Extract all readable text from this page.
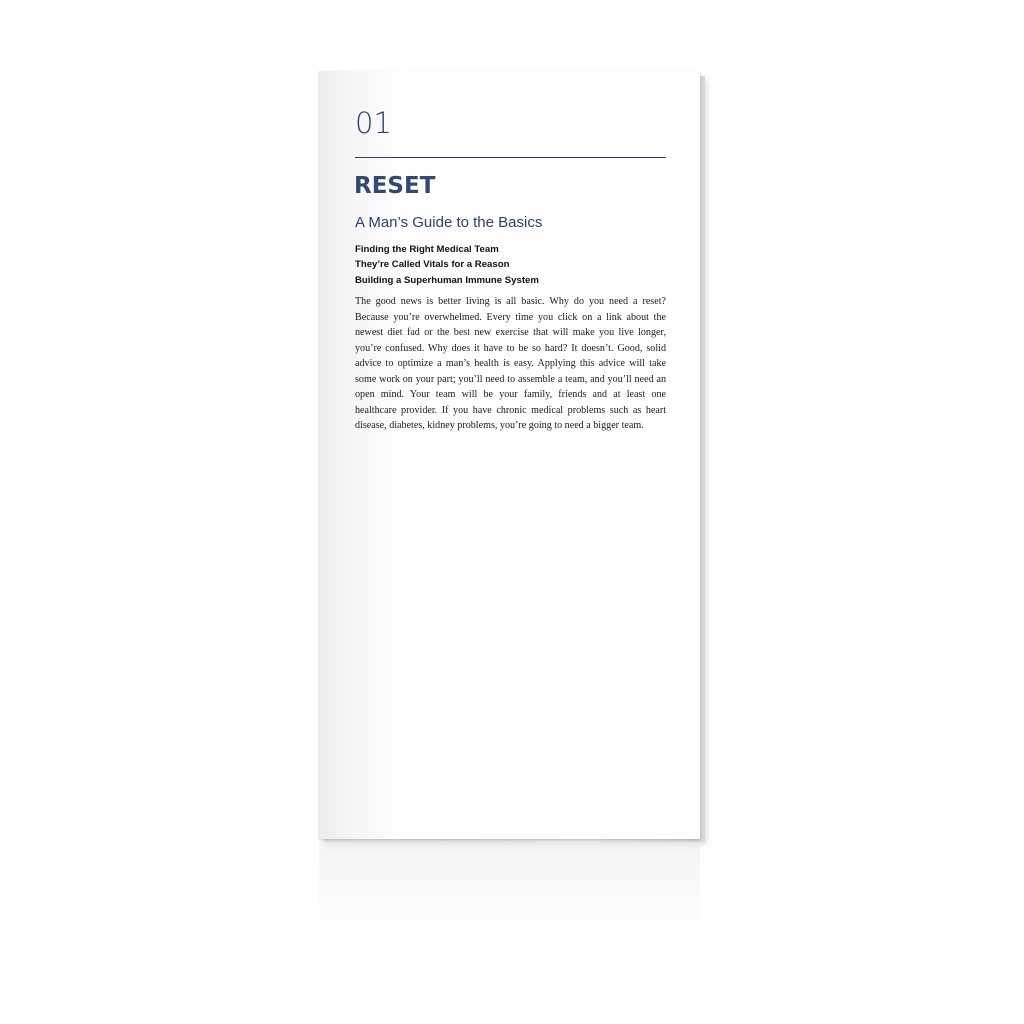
01
RESET
A Man’s Guide to the Basics
Finding the Right Medical Team
They’re Called Vitals for a Reason
Building a Superhuman Immune System

The good news is better living is all basic. Why do you need a reset? Because you’re overwhelmed. Every time you click on a link about the newest diet fad or the best new exercise that will make you live longer, you’re confused. Why does it have to be so hard? It doesn’t. Good, solid advice to optimize a man’s health is easy. Applying this advice will take some work on your part; you’ll need to assemble a team, and you’ll need an open mind. Your team will be your family, friends and at least one healthcare provider. If you have chronic medical problems such as heart disease, diabetes, kidney problems, you’re going to need a bigger team.
